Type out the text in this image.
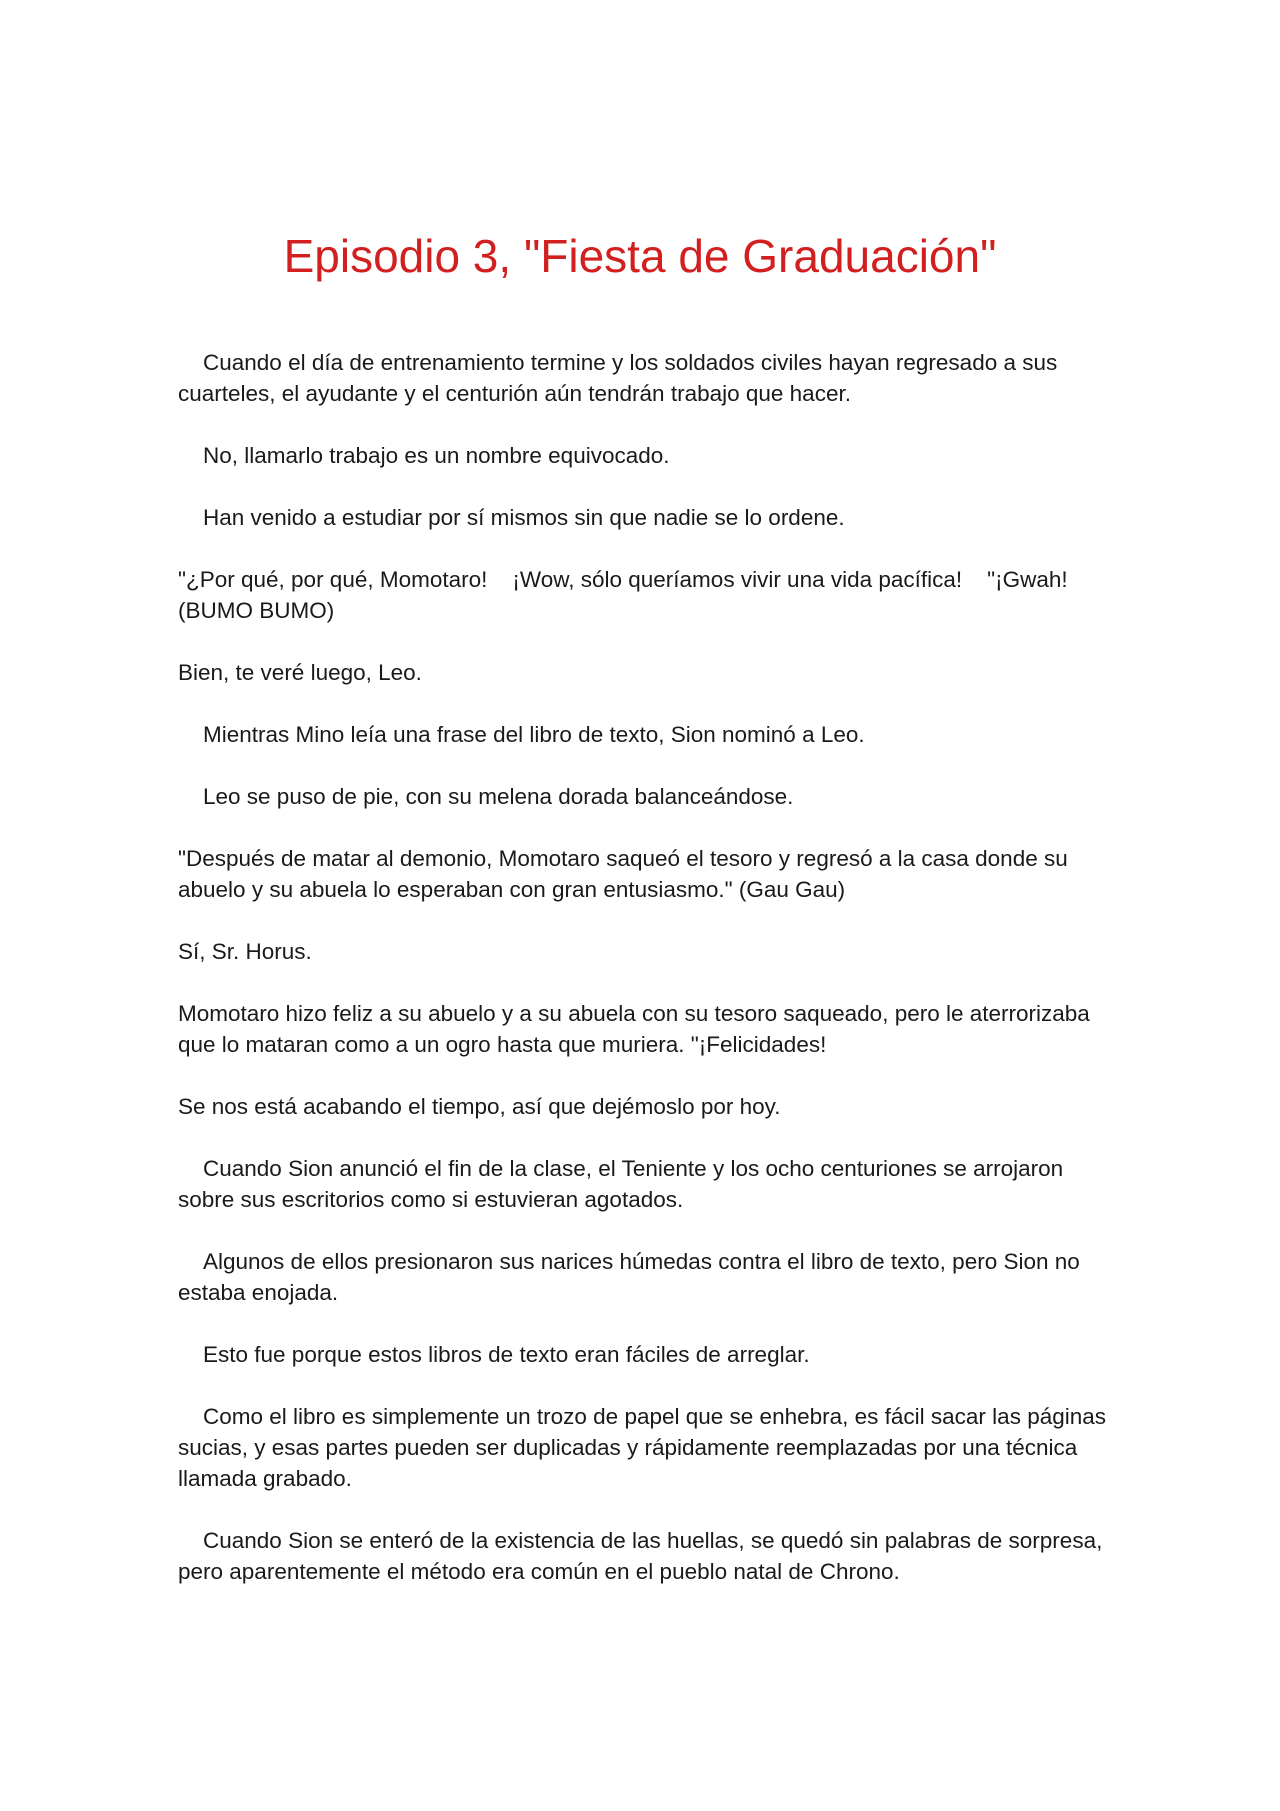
Episodio 3, "Fiesta de Graduación"

Cuando el día de entrenamiento termine y los soldados civiles hayan regresado a sus cuarteles, el ayudante y el centurión aún tendrán trabajo que hacer.

No, llamarlo trabajo es un nombre equivocado.

Han venido a estudiar por sí mismos sin que nadie se lo ordene.

"¿Por qué, por qué, Momotaro!    ¡Wow, sólo queríamos vivir una vida pacífica!    "¡Gwah! (BUMO BUMO)

Bien, te veré luego, Leo.

Mientras Mino leía una frase del libro de texto, Sion nominó a Leo.

Leo se puso de pie, con su melena dorada balanceándose.

"Después de matar al demonio, Momotaro saqueó el tesoro y regresó a la casa donde su abuelo y su abuela lo esperaban con gran entusiasmo." (Gau Gau)

Sí, Sr. Horus.

Momotaro hizo feliz a su abuelo y a su abuela con su tesoro saqueado, pero le aterrorizaba que lo mataran como a un ogro hasta que muriera. "¡Felicidades!

Se nos está acabando el tiempo, así que dejémoslo por hoy.

Cuando Sion anunció el fin de la clase, el Teniente y los ocho centuriones se arrojaron sobre sus escritorios como si estuvieran agotados.

Algunos de ellos presionaron sus narices húmedas contra el libro de texto, pero Sion no estaba enojada.

Esto fue porque estos libros de texto eran fáciles de arreglar.

Como el libro es simplemente un trozo de papel que se enhebra, es fácil sacar las páginas sucias, y esas partes pueden ser duplicadas y rápidamente reemplazadas por una técnica llamada grabado.

Cuando Sion se enteró de la existencia de las huellas, se quedó sin palabras de sorpresa, pero aparentemente el método era común en el pueblo natal de Chrono.
